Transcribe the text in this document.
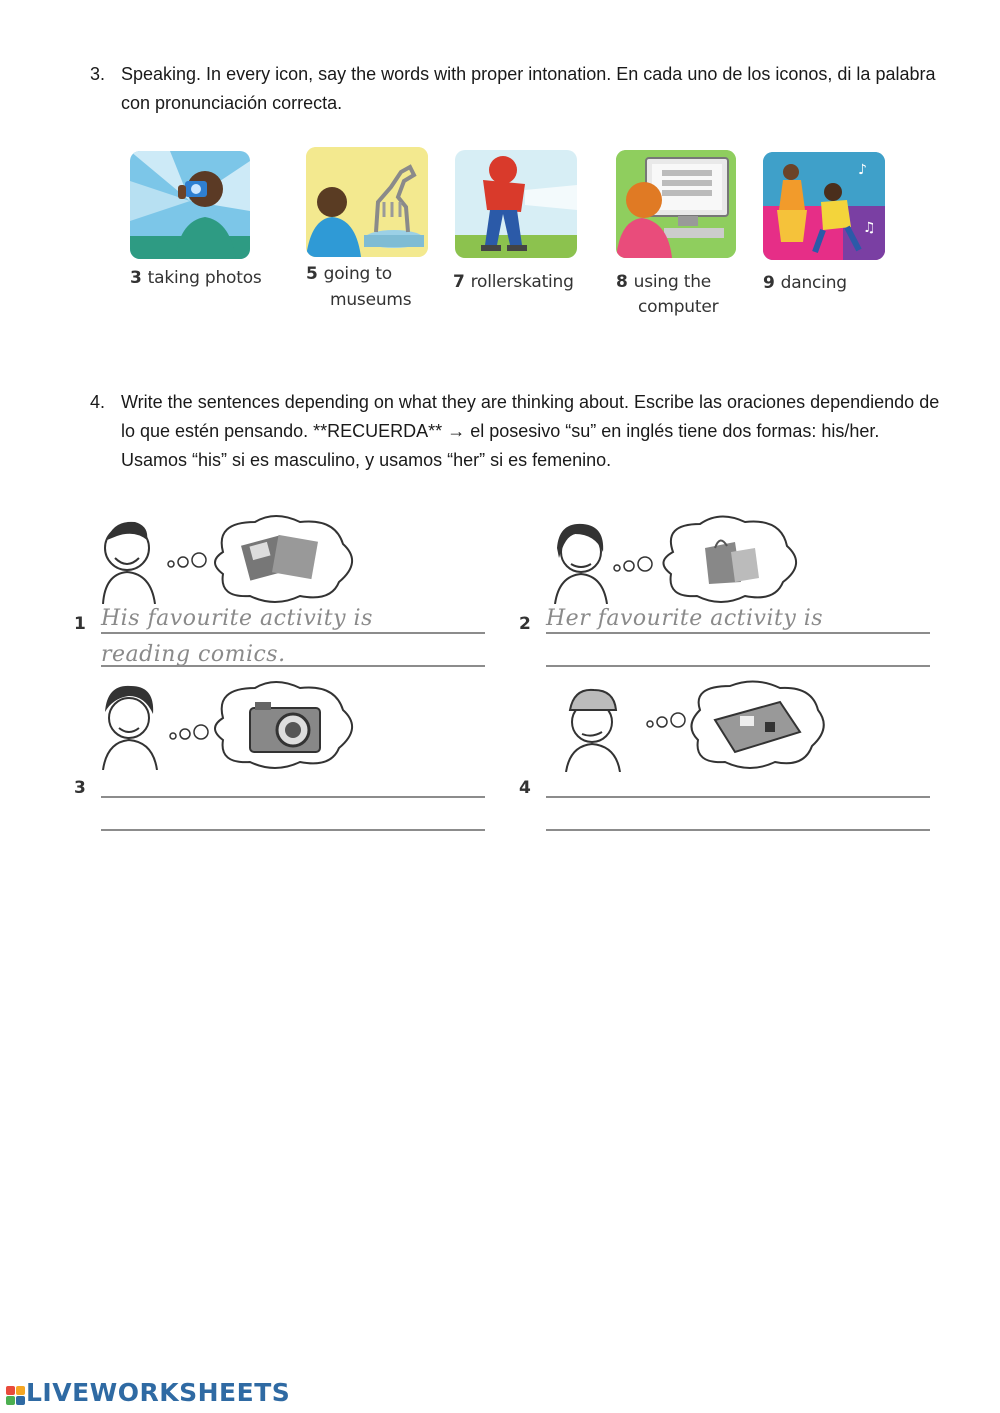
3. Speaking. In every icon, say the words with proper intonation. En cada uno de los iconos, di la palabra con pronunciación correcta.
3 taking photos	5 going to
museums
7 rollerskating 8 using the
computer
♪
♫
9 dancing
4. Write the sentences depending on what they are thinking about. Escribe las oraciones dependiendo de lo que estén pensando. **RECUERDA** → el posesivo “su” en inglés tiene dos formas: his/her. Usamos “his” si es masculino, y usamos “her” si es femenino.
1 His favourite activity is
reading comics.
2 Her favourite activity is
3	4
LIVEWORKSHEETS
